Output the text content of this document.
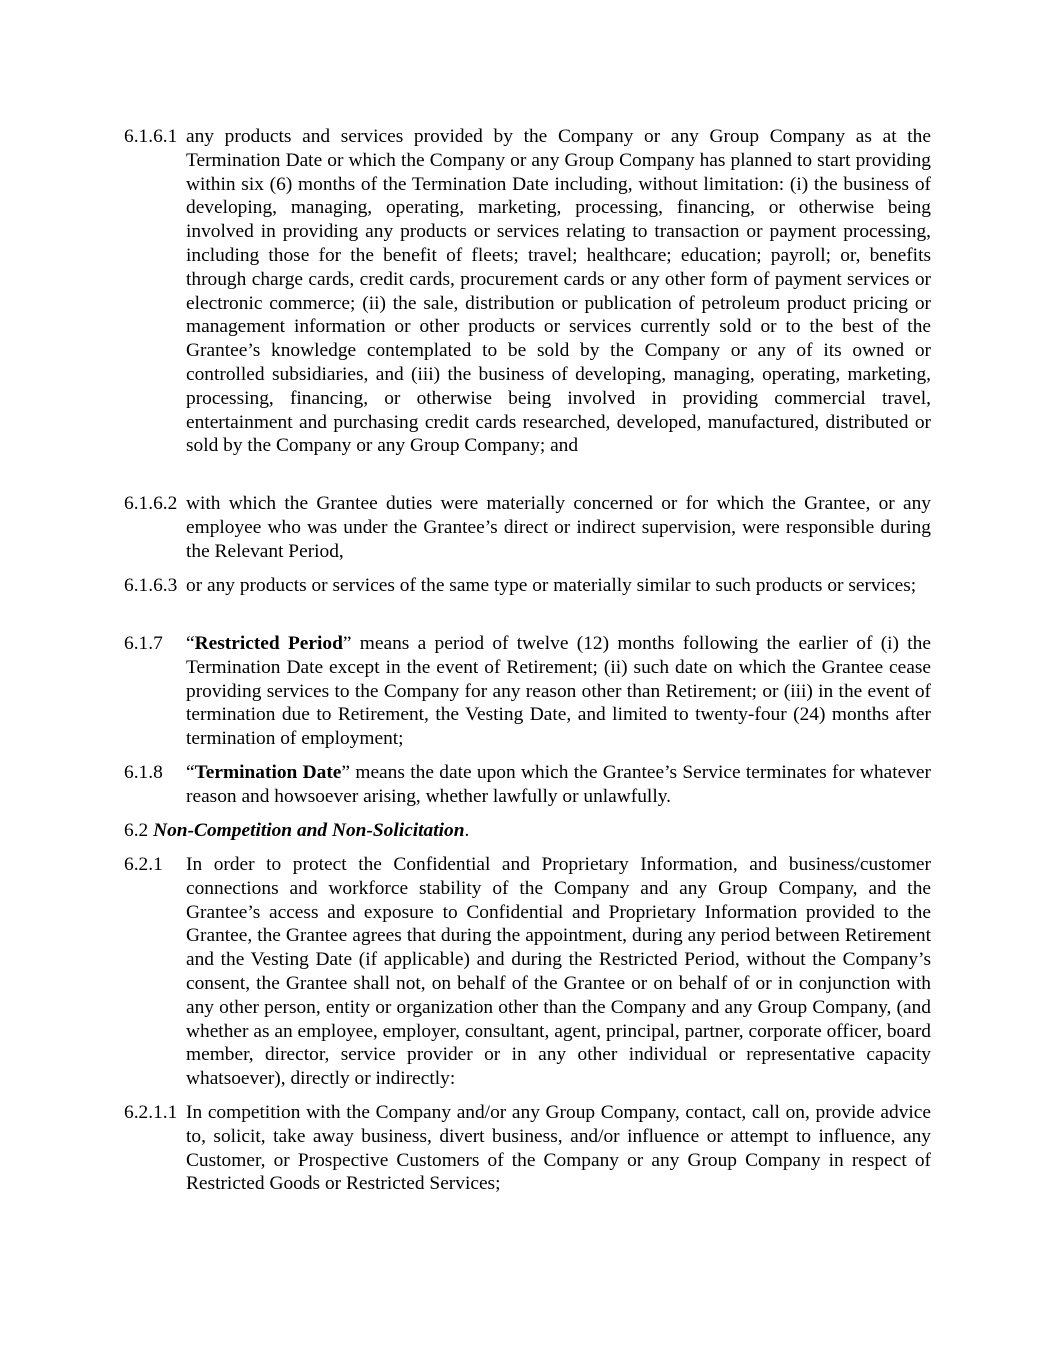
6.1.6.1 any products and services provided by the Company or any Group Company as at the Termination Date or which the Company or any Group Company has planned to start providing within six (6) months of the Termination Date including, without limitation: (i) the business of developing, managing, operating, marketing, processing, financing, or otherwise being involved in providing any products or services relating to transaction or payment processing, including those for the benefit of fleets; travel; healthcare; education; payroll; or, benefits through charge cards, credit cards, procurement cards or any other form of payment services or electronic commerce; (ii) the sale, distribution or publication of petroleum product pricing or management information or other products or services currently sold or to the best of the Grantee’s knowledge contemplated to be sold by the Company or any of its owned or controlled subsidiaries, and (iii) the business of developing, managing, operating, marketing, processing, financing, or otherwise being involved in providing commercial travel, entertainment and purchasing credit cards researched, developed, manufactured, distributed or sold by the Company or any Group Company; and
6.1.6.2 with which the Grantee duties were materially concerned or for which the Grantee, or any employee who was under the Grantee’s direct or indirect supervision, were responsible during the Relevant Period,
6.1.6.3 or any products or services of the same type or materially similar to such products or services;
6.1.7 “Restricted Period” means a period of twelve (12) months following the earlier of (i) the Termination Date except in the event of Retirement; (ii) such date on which the Grantee cease providing services to the Company for any reason other than Retirement; or (iii) in the event of termination due to Retirement, the Vesting Date, and limited to twenty-four (24) months after termination of employment;
6.1.8 “Termination Date” means the date upon which the Grantee’s Service terminates for whatever reason and howsoever arising, whether lawfully or unlawfully.
6.2 Non-Competition and Non-Solicitation.
6.2.1 In order to protect the Confidential and Proprietary Information, and business/customer connections and workforce stability of the Company and any Group Company, and the Grantee’s access and exposure to Confidential and Proprietary Information provided to the Grantee, the Grantee agrees that during the appointment, during any period between Retirement and the Vesting Date (if applicable) and during the Restricted Period, without the Company’s consent, the Grantee shall not, on behalf of the Grantee or on behalf of or in conjunction with any other person, entity or organization other than the Company and any Group Company, (and whether as an employee, employer, consultant, agent, principal, partner, corporate officer, board member, director, service provider or in any other individual or representative capacity whatsoever), directly or indirectly:
6.2.1.1 In competition with the Company and/or any Group Company, contact, call on, provide advice to, solicit, take away business, divert business, and/or influence or attempt to influence, any Customer, or Prospective Customers of the Company or any Group Company in respect of Restricted Goods or Restricted Services;
